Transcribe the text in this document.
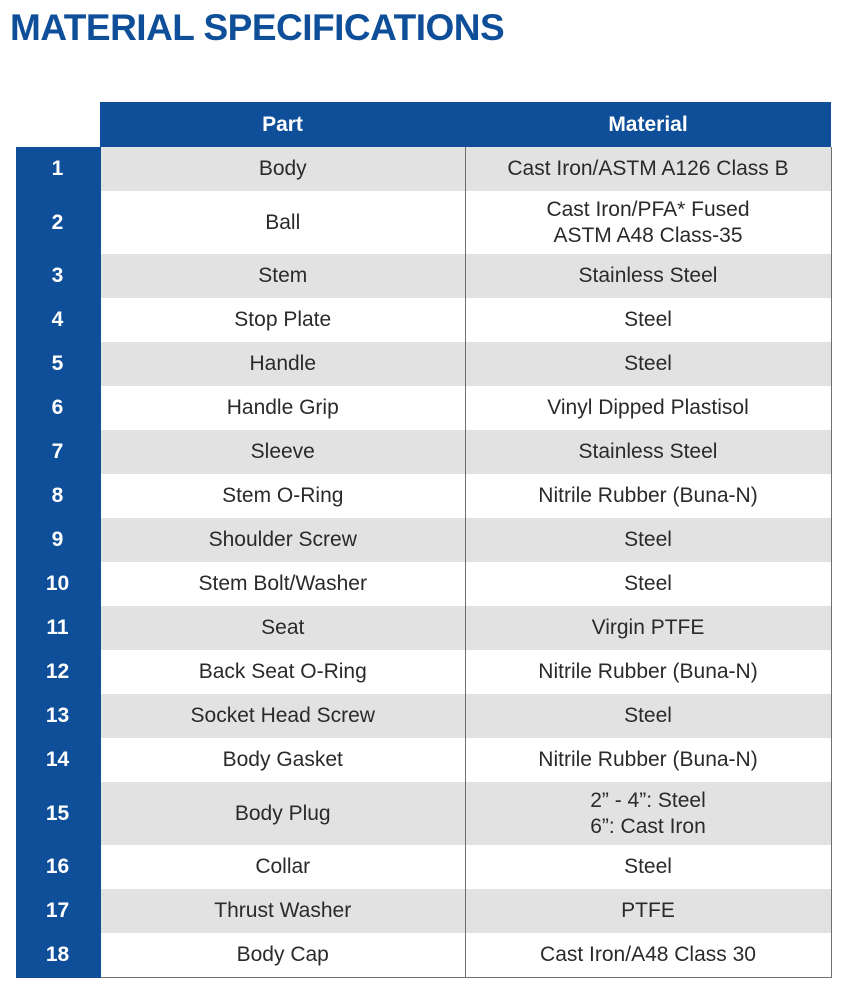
MATERIAL SPECIFICATIONS
	Part	Material
1	Body	Cast Iron/ASTM A126 Class B

2	Ball	Cast Iron/PFA* Fused
ASTM A48 Class-35

3	Stem	Stainless Steel

4	Stop Plate	Steel

5	Handle	Steel

6	Handle Grip	Vinyl Dipped Plastisol

7	Sleeve	Stainless Steel

8	Stem O-Ring	Nitrile Rubber (Buna-N)

9	Shoulder Screw	Steel

10	Stem Bolt/Washer	Steel

11	Seat	Virgin PTFE

12	Back Seat O-Ring	Nitrile Rubber (Buna-N)

13	Socket Head Screw	Steel

14	Body Gasket	Nitrile Rubber (Buna-N)

15	Body Plug	2” - 4”: Steel
6”: Cast Iron

16	Collar	Steel

17	Thrust Washer	PTFE

18	Body Cap	Cast Iron/A48 Class 30
